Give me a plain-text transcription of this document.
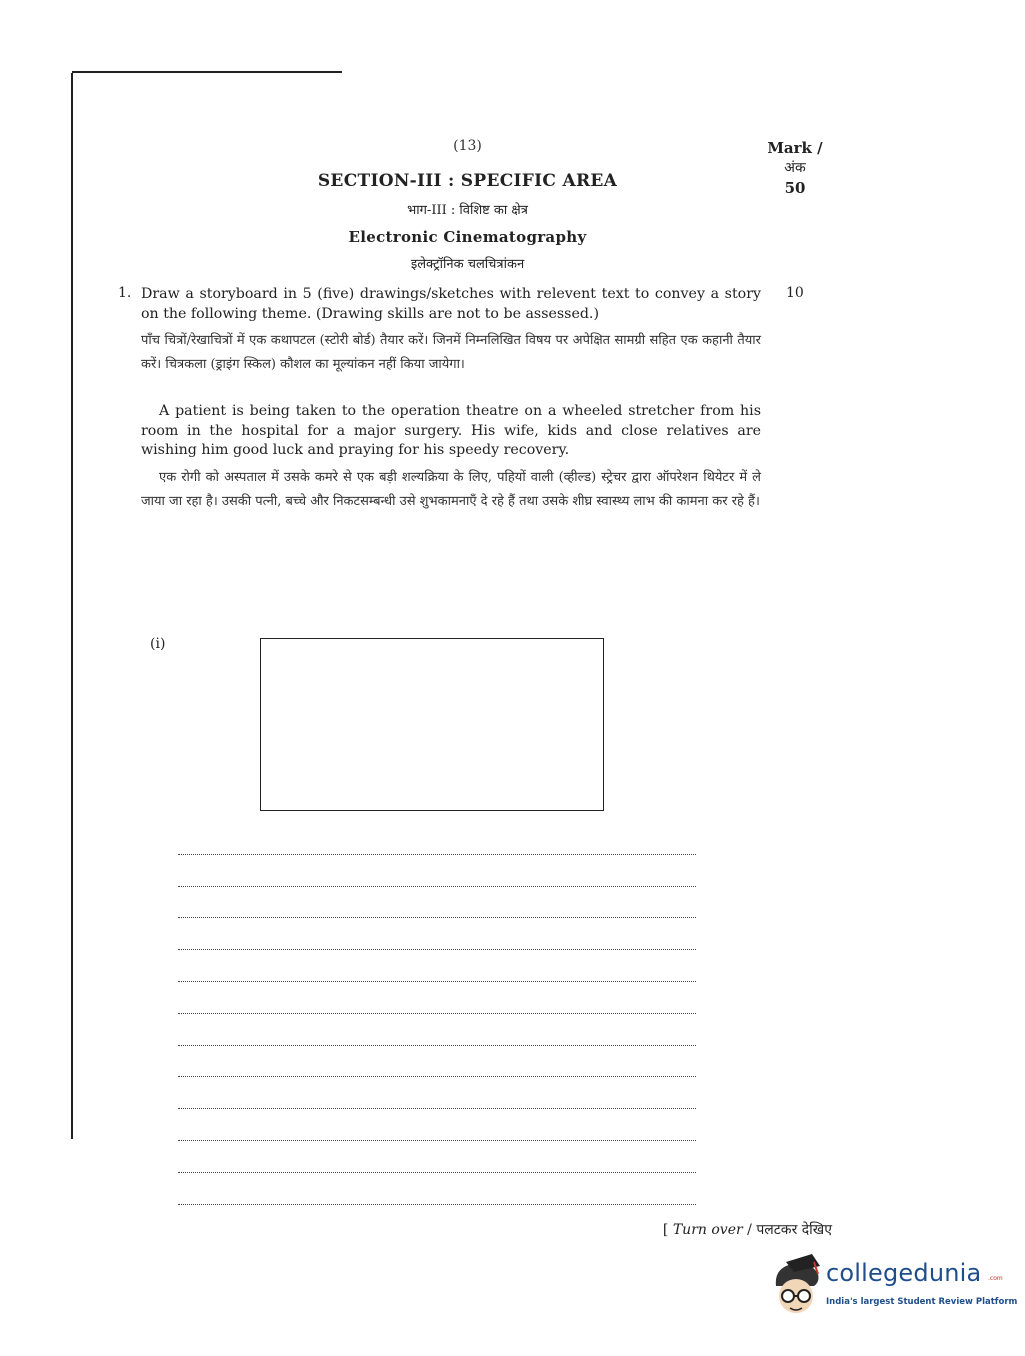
(13)	Mark /
अंक
50
SECTION-III : SPECIFIC AREA
भाग-III : विशिष्ट का क्षेत्र
Electronic Cinematography
इलेक्ट्रॉनिक चलचित्रांकन
1.	10
Draw a storyboard in 5 (five) drawings/sketches with relevent text to convey a story on the following theme. (Drawing skills are not to be assessed.)
पाँच चित्रों/रेखाचित्रों में एक कथापटल (स्टोरी बोर्ड) तैयार करें। जिनमें निम्नलिखित विषय पर अपेक्षित सामग्री सहित एक कहानी तैयार करें। चित्रकला (ड्राइंग स्किल) कौशल का मूल्यांकन नहीं किया जायेगा।
A patient is being taken to the operation theatre on a wheeled stretcher from his room in the hospital for a major surgery. His wife, kids and close relatives are wishing him good luck and praying for his speedy recovery.
एक रोगी को अस्पताल में उसके कमरे से एक बड़ी शल्यक्रिया के लिए, पहियों वाली (व्हील्ड) स्ट्रेचर द्वारा ऑपरेशन थियेटर में ले जाया जा रहा है। उसकी पत्नी, बच्चे और निकटसम्बन्धी उसे शुभकामनाएँ दे रहे हैं तथा उसके शीघ्र स्वास्थ्य लाभ की कामना कर रहे हैं।
(i)
[ Turn over / पलटकर देखिए
.com
collegedunia
India's largest Student Review Platform
